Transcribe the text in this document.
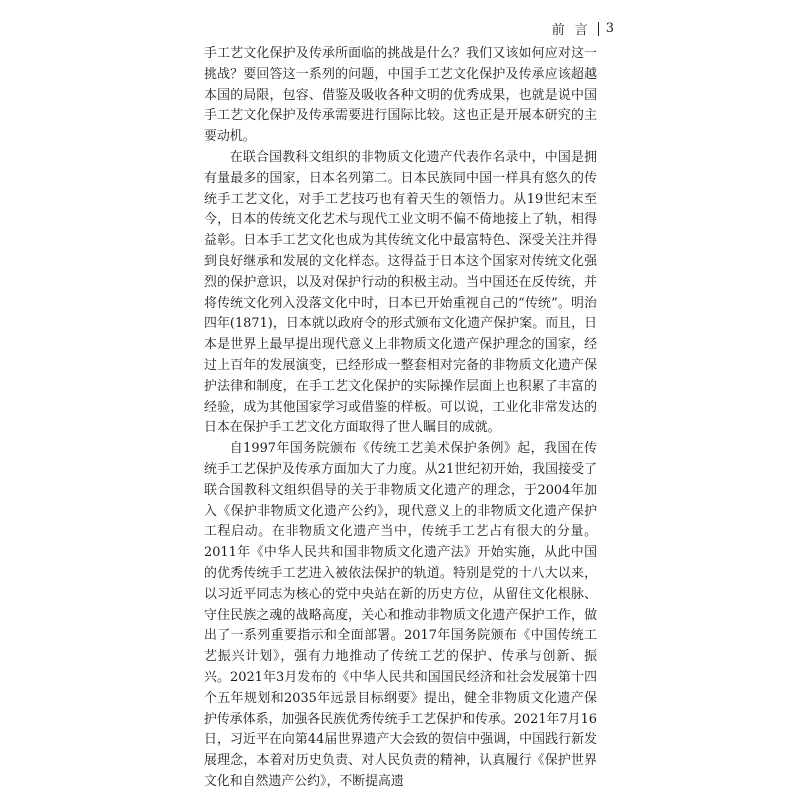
前言 3

手工艺文化保护及传承所面临的挑战是什么？我们又该如何应对这一挑战？要回答这一系列的问题，中国手工艺文化保护及传承应该超越本国的局限，包容、借鉴及吸收各种文明的优秀成果，也就是说中国手工艺文化保护及传承需要进行国际比较。这也正是开展本研究的主要动机。

在联合国教科文组织的非物质文化遗产代表作名录中，中国是拥有量最多的国家，日本名列第二。日本民族同中国一样具有悠久的传统手工艺文化，对手工艺技巧也有着天生的领悟力。从19世纪末至今，日本的传统文化艺术与现代工业文明不偏不倚地接上了轨，相得益彰。日本手工艺文化也成为其传统文化中最富特色、深受关注并得到良好继承和发展的文化样态。这得益于日本这个国家对传统文化强烈的保护意识，以及对保护行动的积极主动。当中国还在反传统，并将传统文化列入没落文化中时，日本已开始重视自己的“传统”。明治四年(1871)，日本就以政府令的形式颁布文化遗产保护案。而且，日本是世界上最早提出现代意义上非物质文化遗产保护理念的国家，经过上百年的发展演变，已经形成一整套相对完备的非物质文化遗产保护法律和制度，在手工艺文化保护的实际操作层面上也积累了丰富的经验，成为其他国家学习或借鉴的样板。可以说，工业化非常发达的日本在保护手工艺文化方面取得了世人瞩目的成就。

自1997年国务院颁布《传统工艺美术保护条例》起，我国在传统手工艺保护及传承方面加大了力度。从21世纪初开始，我国接受了联合国教科文组织倡导的关于非物质文化遗产的理念，于2004年加入《保护非物质文化遗产公约》，现代意义上的非物质文化遗产保护工程启动。在非物质文化遗产当中，传统手工艺占有很大的分量。2011年《中华人民共和国非物质文化遗产法》开始实施，从此中国的优秀传统手工艺进入被依法保护的轨道。特别是党的十八大以来，以习近平同志为核心的党中央站在新的历史方位，从留住文化根脉、守住民族之魂的战略高度，关心和推动非物质文化遗产保护工作，做出了一系列重要指示和全面部署。2017年国务院颁布《中国传统工艺振兴计划》，强有力地推动了传统工艺的保护、传承与创新、振兴。2021年3月发布的《中华人民共和国国民经济和社会发展第十四个五年规划和2035年远景目标纲要》提出，健全非物质文化遗产保护传承体系，加强各民族优秀传统手工艺保护和传承。2021年7月16日，习近平在向第44届世界遗产大会致的贺信中强调，中国践行新发展理念，本着对历史负责、对人民负责的精神，认真履行《保护世界文化和自然遗产公约》，不断提高遗
